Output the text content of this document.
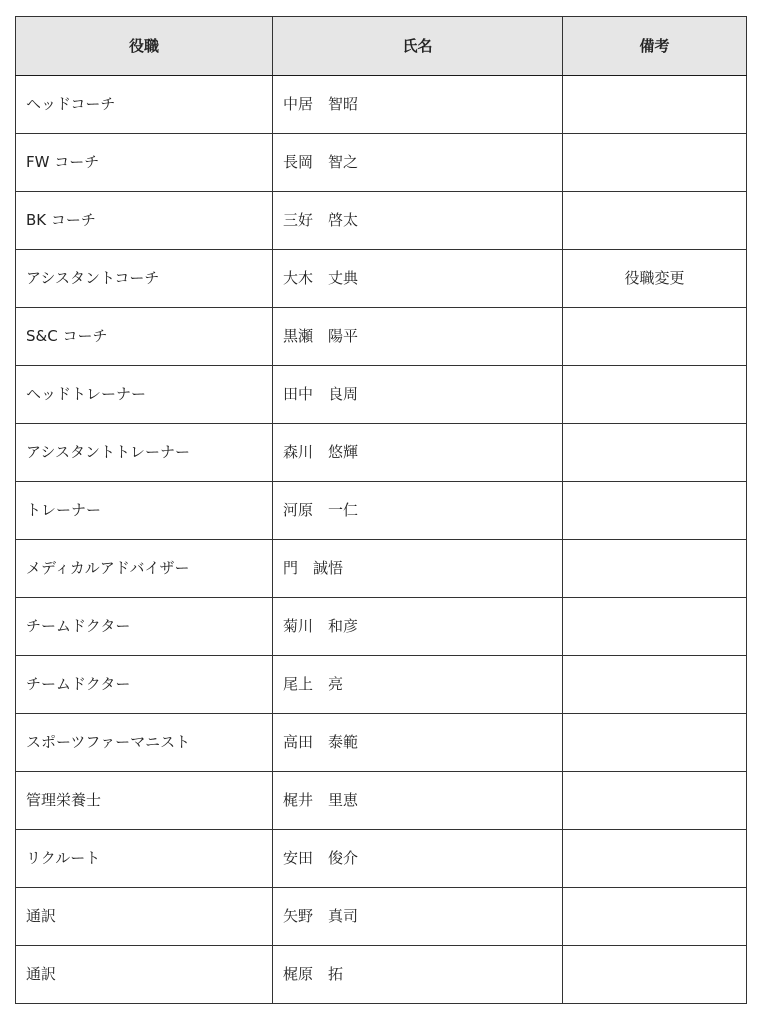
役職	氏名	備考
ヘッドコーチ	中居　智昭	
FW コーチ	長岡　智之	
BK コーチ	三好　啓太	
アシスタントコーチ	大木　丈典	役職変更
S&C コーチ	黒瀬　陽平	
ヘッドトレーナー	田中　良周	
アシスタントトレーナー	森川　悠輝	
トレーナー	河原　一仁	
メディカルアドバイザー	門　誠悟	
チームドクター	菊川　和彦	
チームドクター	尾上　亮	
スポーツファーマニスト	高田　泰範	
管理栄養士	梶井　里恵	
リクルート	安田　俊介	
通訳	矢野　真司	
通訳	梶原　拓	
